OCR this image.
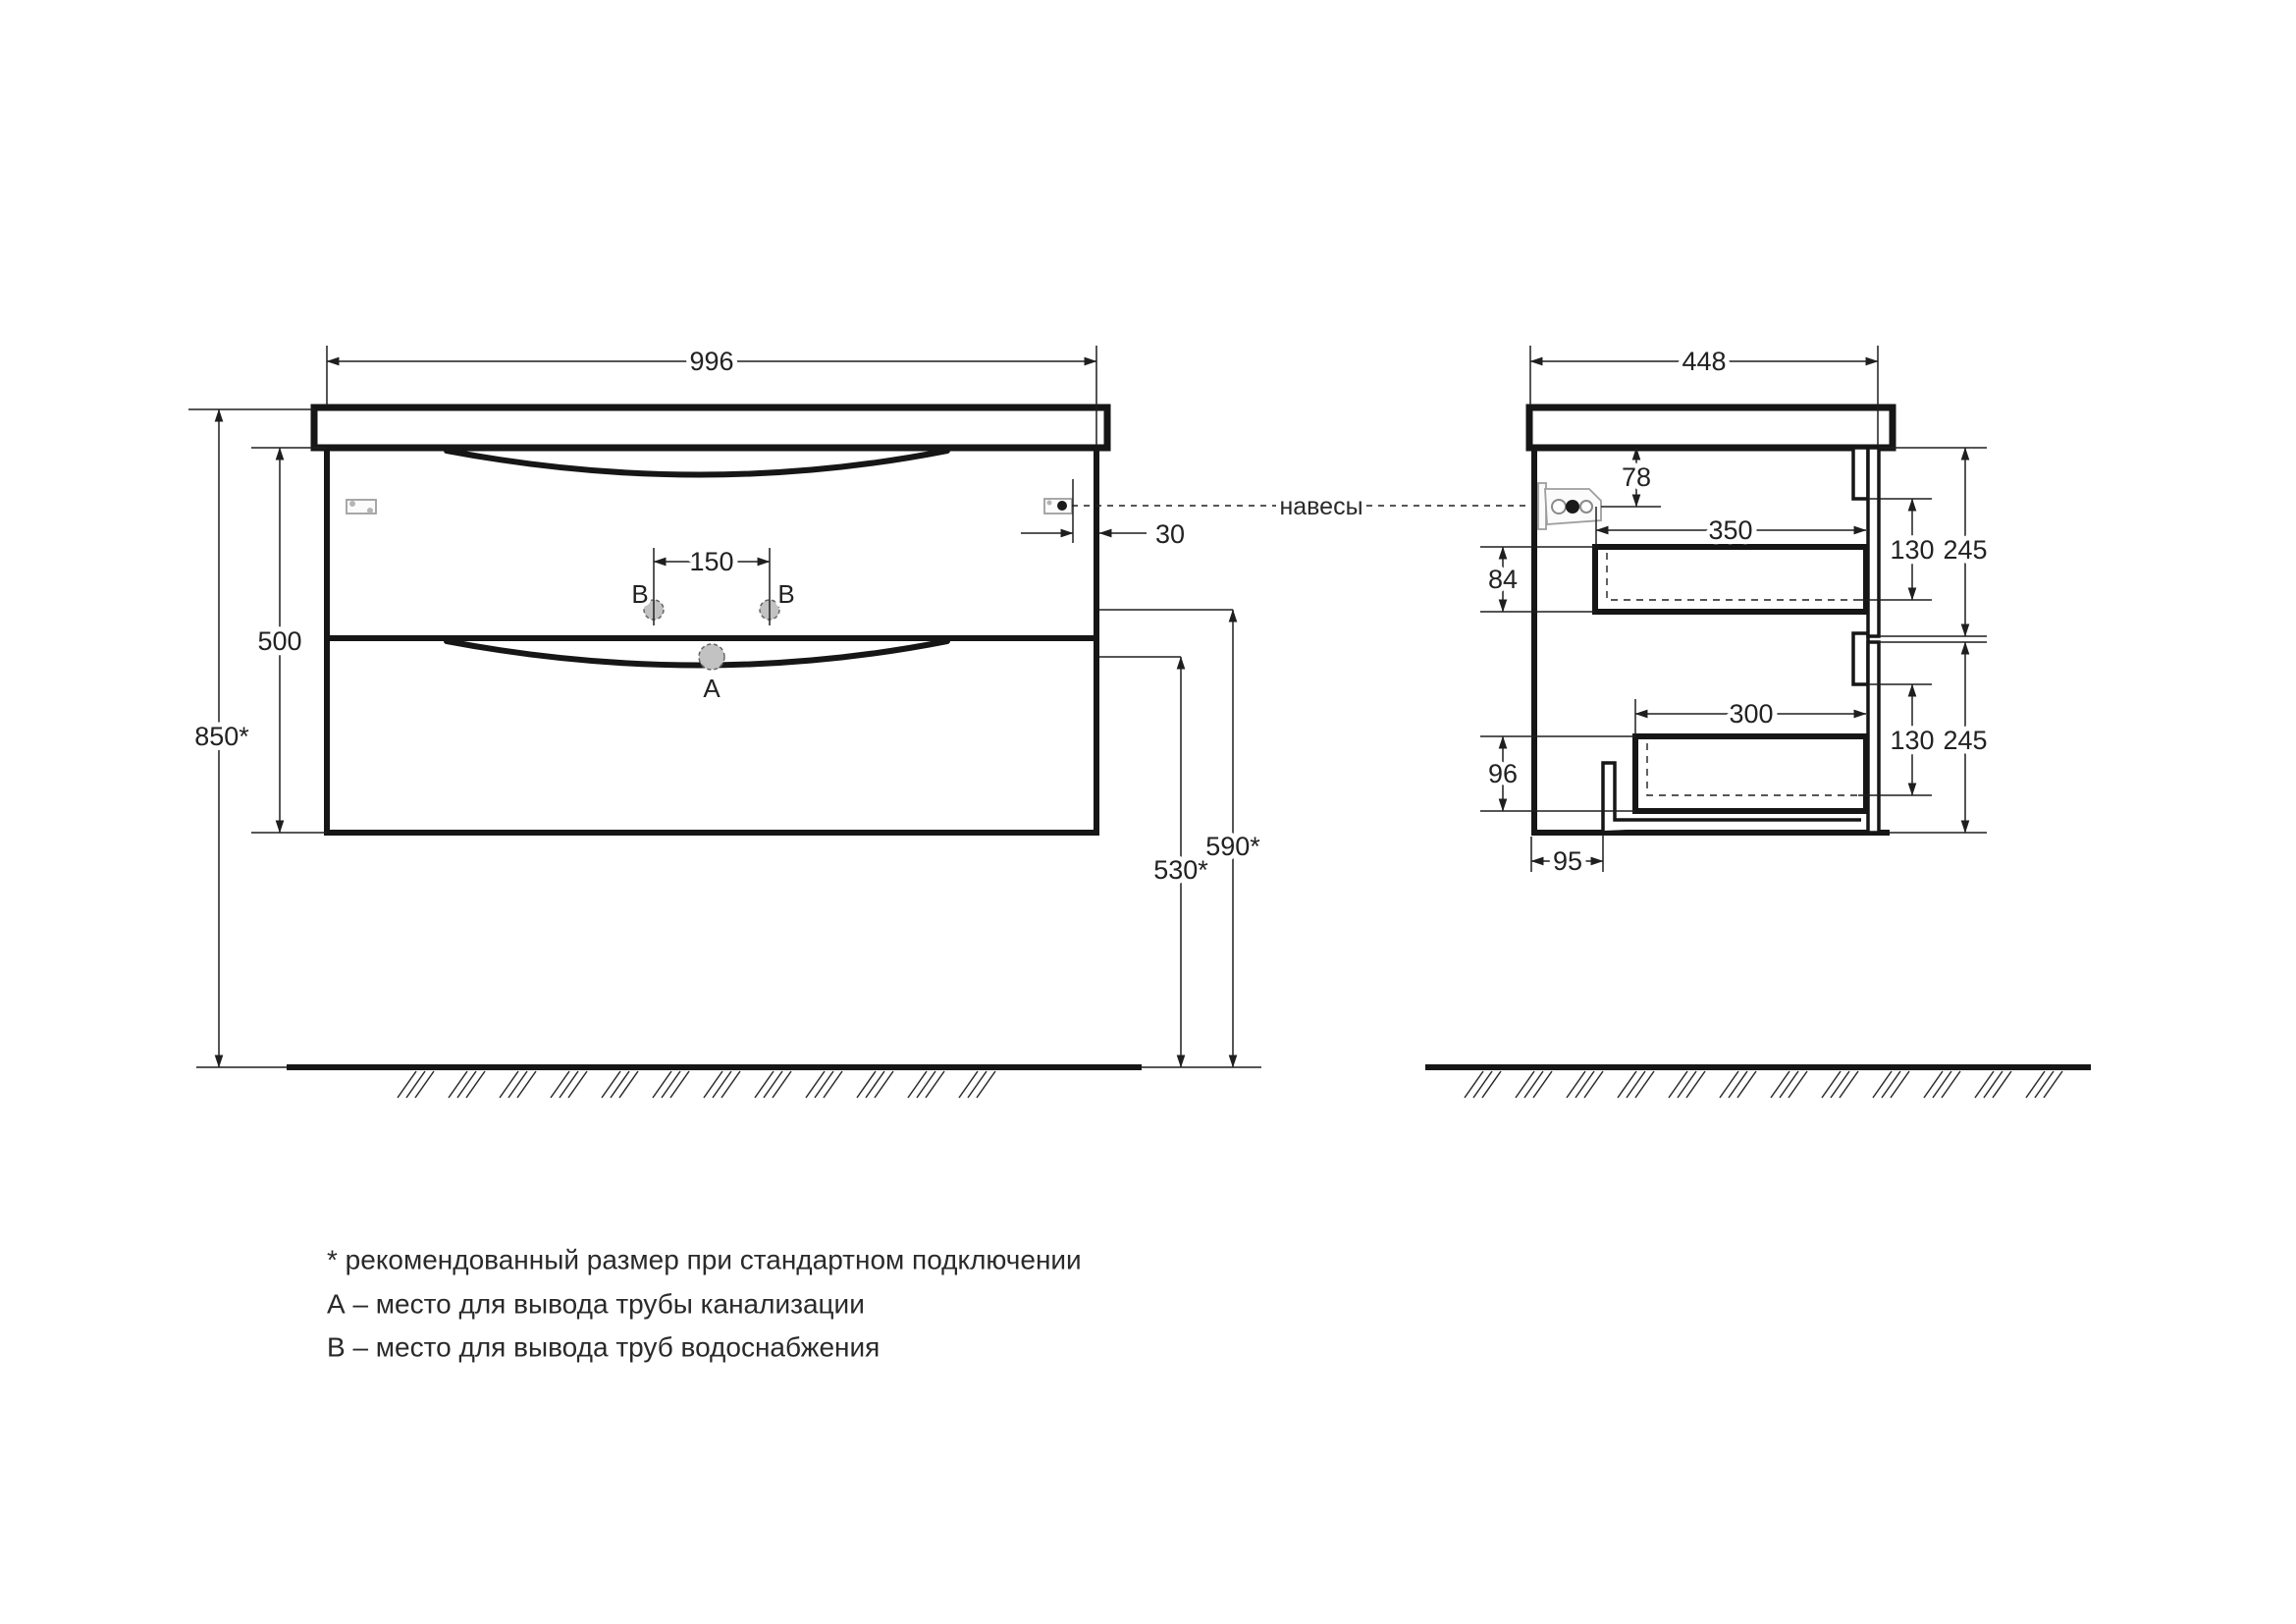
B	B
A
996
500
850*
150
30
530*
590*
навесы
448
78
350
84
300
96
130 245
130 245
95
* рекомендованный размер при стандартном подключении
А – место для вывода трубы канализации
В – место для вывода труб водоснабжения
